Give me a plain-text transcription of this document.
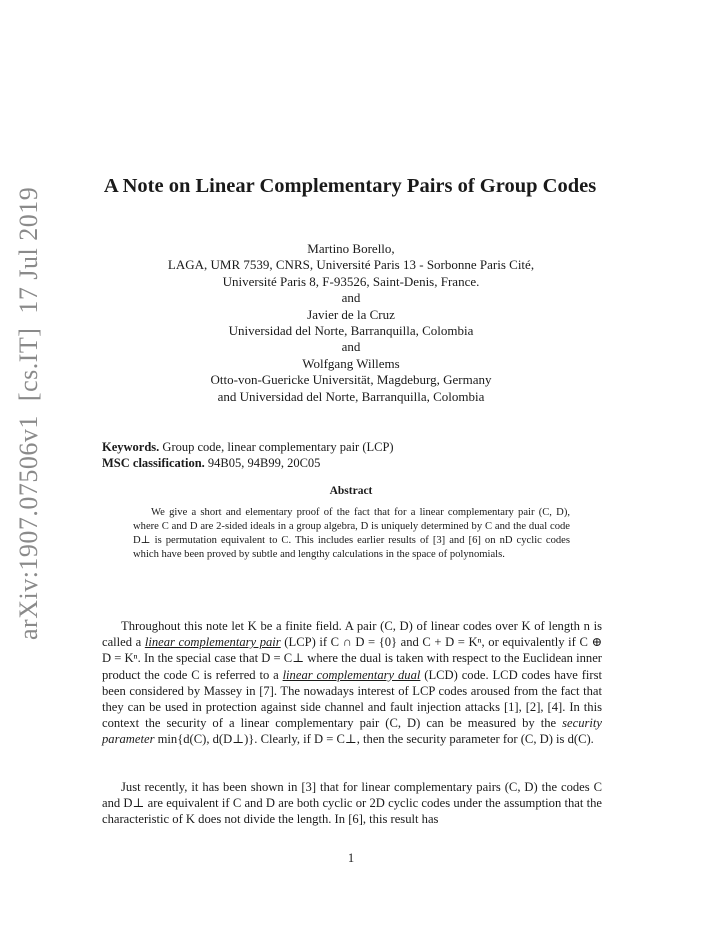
arXiv:1907.07506v1[cs.IT]17 Jul 2019
A Note on Linear Complementary Pairs of Group Codes
Martino Borello,
LAGA, UMR 7539, CNRS, Université Paris 13 - Sorbonne Paris Cité,
Université Paris 8, F-93526, Saint-Denis, France.
and
Javier de la Cruz
Universidad del Norte, Barranquilla, Colombia
and
Wolfgang Willems
Otto-von-Guericke Universität, Magdeburg, Germany
and Universidad del Norte, Barranquilla, Colombia
Keywords. Group code, linear complementary pair (LCP)
MSC classification. 94B05, 94B99, 20C05
Abstract
We give a short and elementary proof of the fact that for a linear complementary pair (C, D), where C and D are 2-sided ideals in a group algebra, D is uniquely determined by C and the dual code D⊥ is permutation equivalent to C. This includes earlier results of [3] and [6] on nD cyclic codes which have been proved by subtle and lengthy calculations in the space of polynomials.
Throughout this note let K be a finite field. A pair (C, D) of linear codes over K of length n is called a linear complementary pair (LCP) if C ∩ D = {0} and C + D = Kⁿ, or equivalently if C ⊕ D = Kⁿ. In the special case that D = C⊥ where the dual is taken with respect to the Euclidean inner product the code C is referred to a linear complementary dual (LCD) code. LCD codes have first been considered by Massey in [7]. The nowadays interest of LCP codes aroused from the fact that they can be used in protection against side channel and fault injection attacks [1], [2], [4]. In this context the security of a linear complementary pair (C, D) can be measured by the security parameter min{d(C), d(D⊥)}. Clearly, if D = C⊥, then the security parameter for (C, D) is d(C).
Just recently, it has been shown in [3] that for linear complementary pairs (C, D) the codes C and D⊥ are equivalent if C and D are both cyclic or 2D cyclic codes under the assumption that the characteristic of K does not divide the length. In [6], this result has
1
